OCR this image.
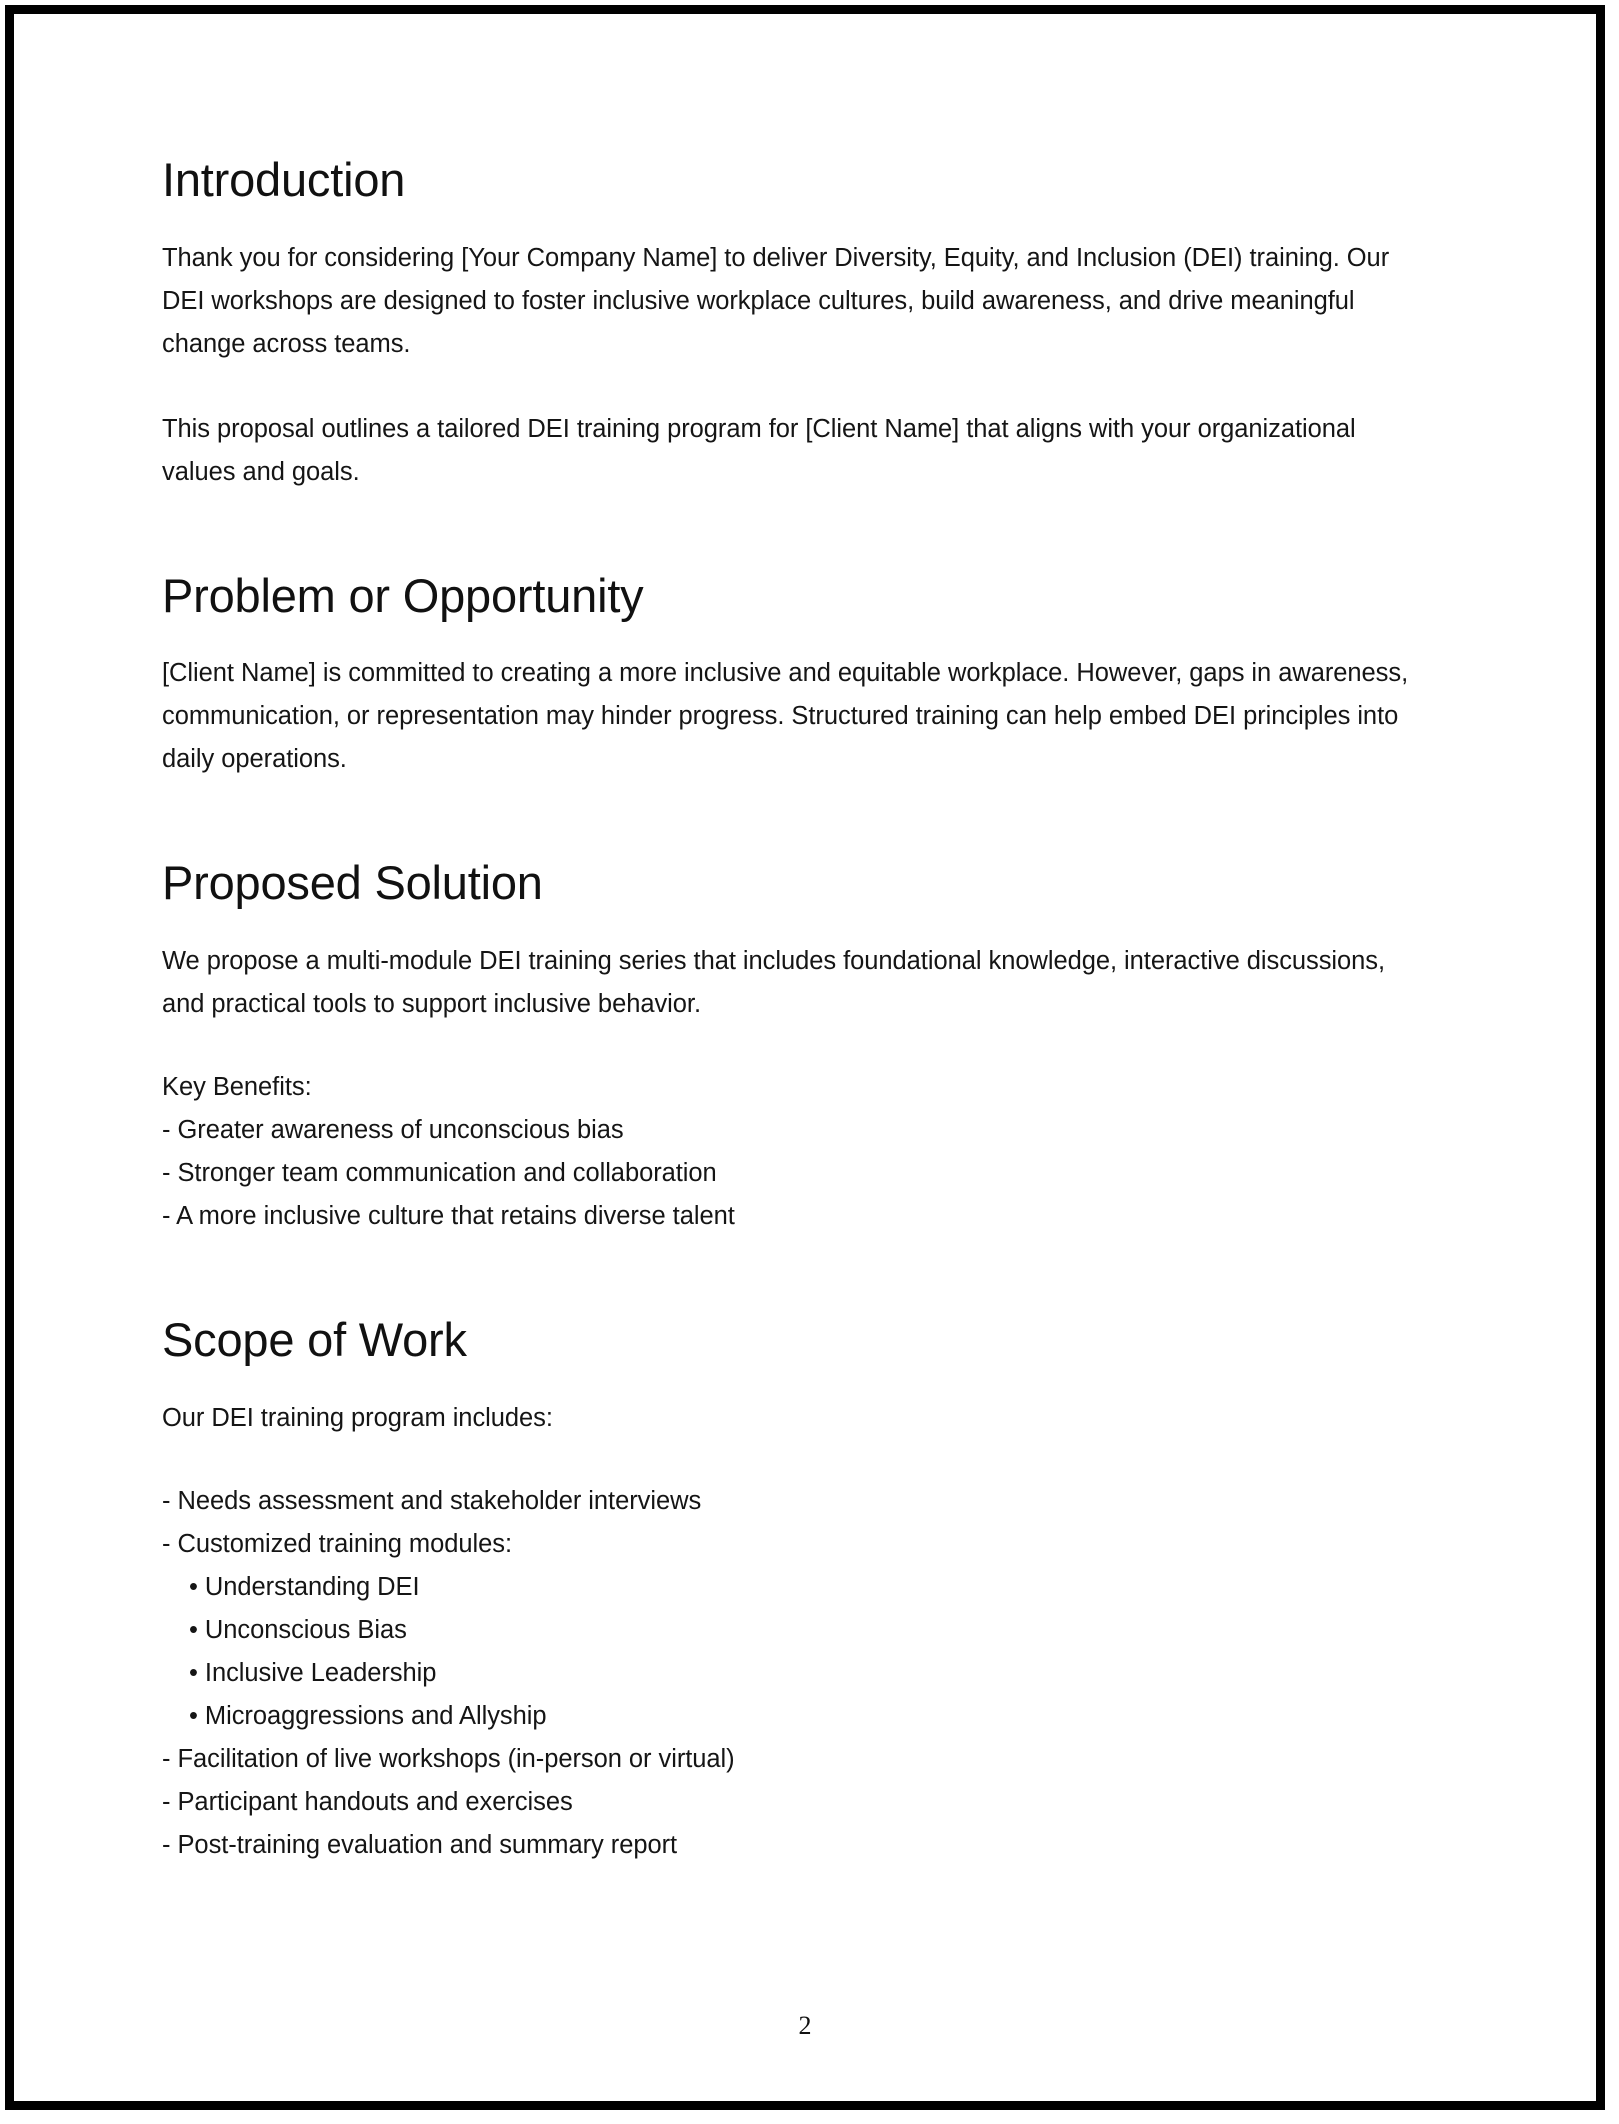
Introduction

Thank you for considering [Your Company Name] to deliver Diversity, Equity, and Inclusion (DEI) training. Our DEI workshops are designed to foster inclusive workplace cultures, build awareness, and drive meaningful change across teams.

This proposal outlines a tailored DEI training program for [Client Name] that aligns with your organizational values and goals.

Problem or Opportunity

[Client Name] is committed to creating a more inclusive and equitable workplace. However, gaps in awareness, communication, or representation may hinder progress. Structured training can help embed DEI principles into daily operations.

Proposed Solution

We propose a multi-module DEI training series that includes foundational knowledge, interactive discussions, and practical tools to support inclusive behavior.

Key Benefits:
- Greater awareness of unconscious bias
- Stronger team communication and collaboration
- A more inclusive culture that retains diverse talent
Scope of Work

Our DEI training program includes:

- Needs assessment and stakeholder interviews
- Customized training modules:
• Understanding DEI
• Unconscious Bias
• Inclusive Leadership
• Microaggressions and Allyship
- Facilitation of live workshops (in-person or virtual)
- Participant handouts and exercises
- Post-training evaluation and summary report
2
